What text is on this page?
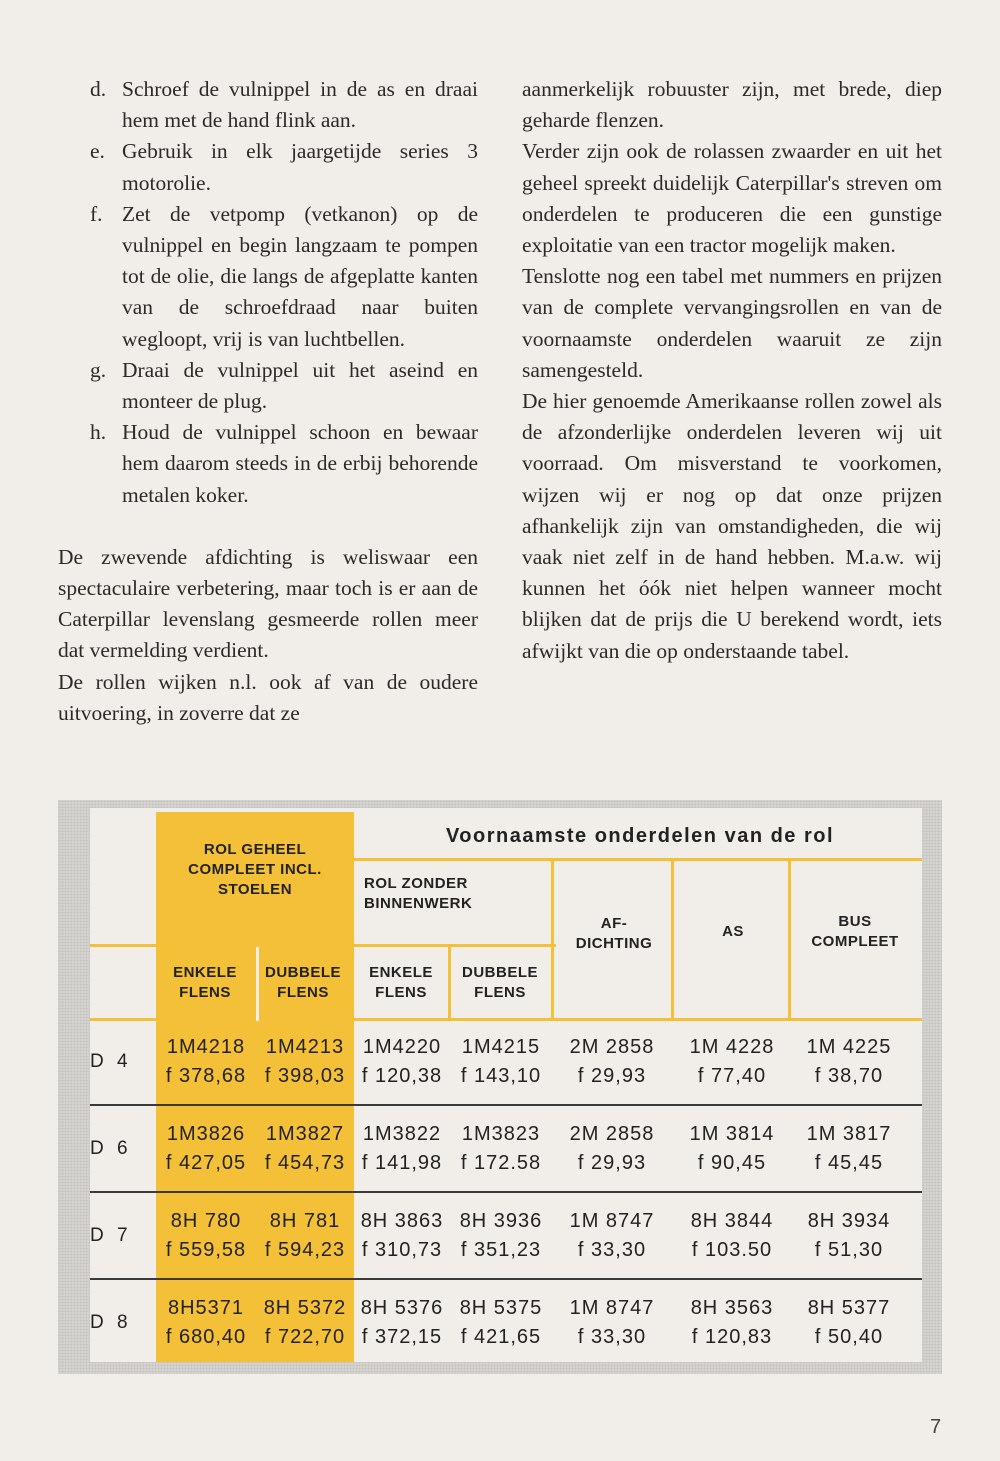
d. Schroef de vulnippel in de as en draai hem met de hand flink aan.
e. Gebruik in elk jaargetijde series 3 motorolie.
f. Zet de vetpomp (vetkanon) op de vulnippel en begin langzaam te pompen tot de olie, die langs de afgeplatte kanten van de schroefdraad naar buiten wegloopt, vrij is van luchtbellen.
g. Draai de vulnippel uit het aseind en monteer de plug.
h. Houd de vulnippel schoon en bewaar hem daarom steeds in de erbij behorende metalen koker.

De zwevende afdichting is weliswaar een spectaculaire verbetering, maar toch is er aan de Caterpillar levenslang gesmeerde rollen meer dat vermelding verdient.

De rollen wijken n.l. ook af van de oudere uitvoering, in zoverre dat ze

aanmerkelijk robuuster zijn, met brede, diep geharde flenzen.

Verder zijn ook de rolassen zwaarder en uit het geheel spreekt duidelijk Caterpillar's streven om onderdelen te produceren die een gunstige exploitatie van een tractor mogelijk maken.

Tenslotte nog een tabel met nummers en prijzen van de complete vervangingsrollen en van de voornaamste onderdelen waaruit ze zijn samengesteld.

De hier genoemde Amerikaanse rollen zowel als de afzonderlijke onderdelen leveren wij uit voorraad. Om misverstand te voorkomen, wijzen wij er nog op dat onze prijzen afhankelijk zijn van omstandigheden, die wij vaak niet zelf in de hand hebben. M.a.w. wij kunnen het óók niet helpen wanneer mocht blijken dat de prijs die U berekend wordt, iets afwijkt van die op onderstaande tabel.

ROL GEHEEL COMPLEET INCL. STOELEN
Voornaamste onderdelen van de rol
ROL ZONDER BINNENWERK
AF- DICHTING
AS
BUS COMPLEET
ENKELE FLENS
DUBBELE FLENS
ENKELE FLENS
DUBBELE FLENS
D 4
1M4218
f 378,68
1M4213
f 398,03
1M4220
f 120,38
1M4215
f 143,10
2M 2858
f 29,93
1M 4228
f 77,40
1M 4225
f 38,70
D 6
1M3826
f 427,05
1M3827
f 454,73
1M3822
f 141,98
1M3823
f 172.58
2M 2858
f 29,93
1M 3814
f 90,45
1M 3817
f 45,45
D 7
8H 780
f 559,58
8H 781
f 594,23
8H 3863
f 310,73
8H 3936
f 351,23
1M 8747
f 33,30
8H 3844
f 103.50
8H 3934
f 51,30
D 8
8H5371
f 680,40
8H 5372
f 722,70
8H 5376
f 372,15
8H 5375
f 421,65
1M 8747
f 33,30
8H 3563
f 120,83
8H 5377
f 50,40
7
